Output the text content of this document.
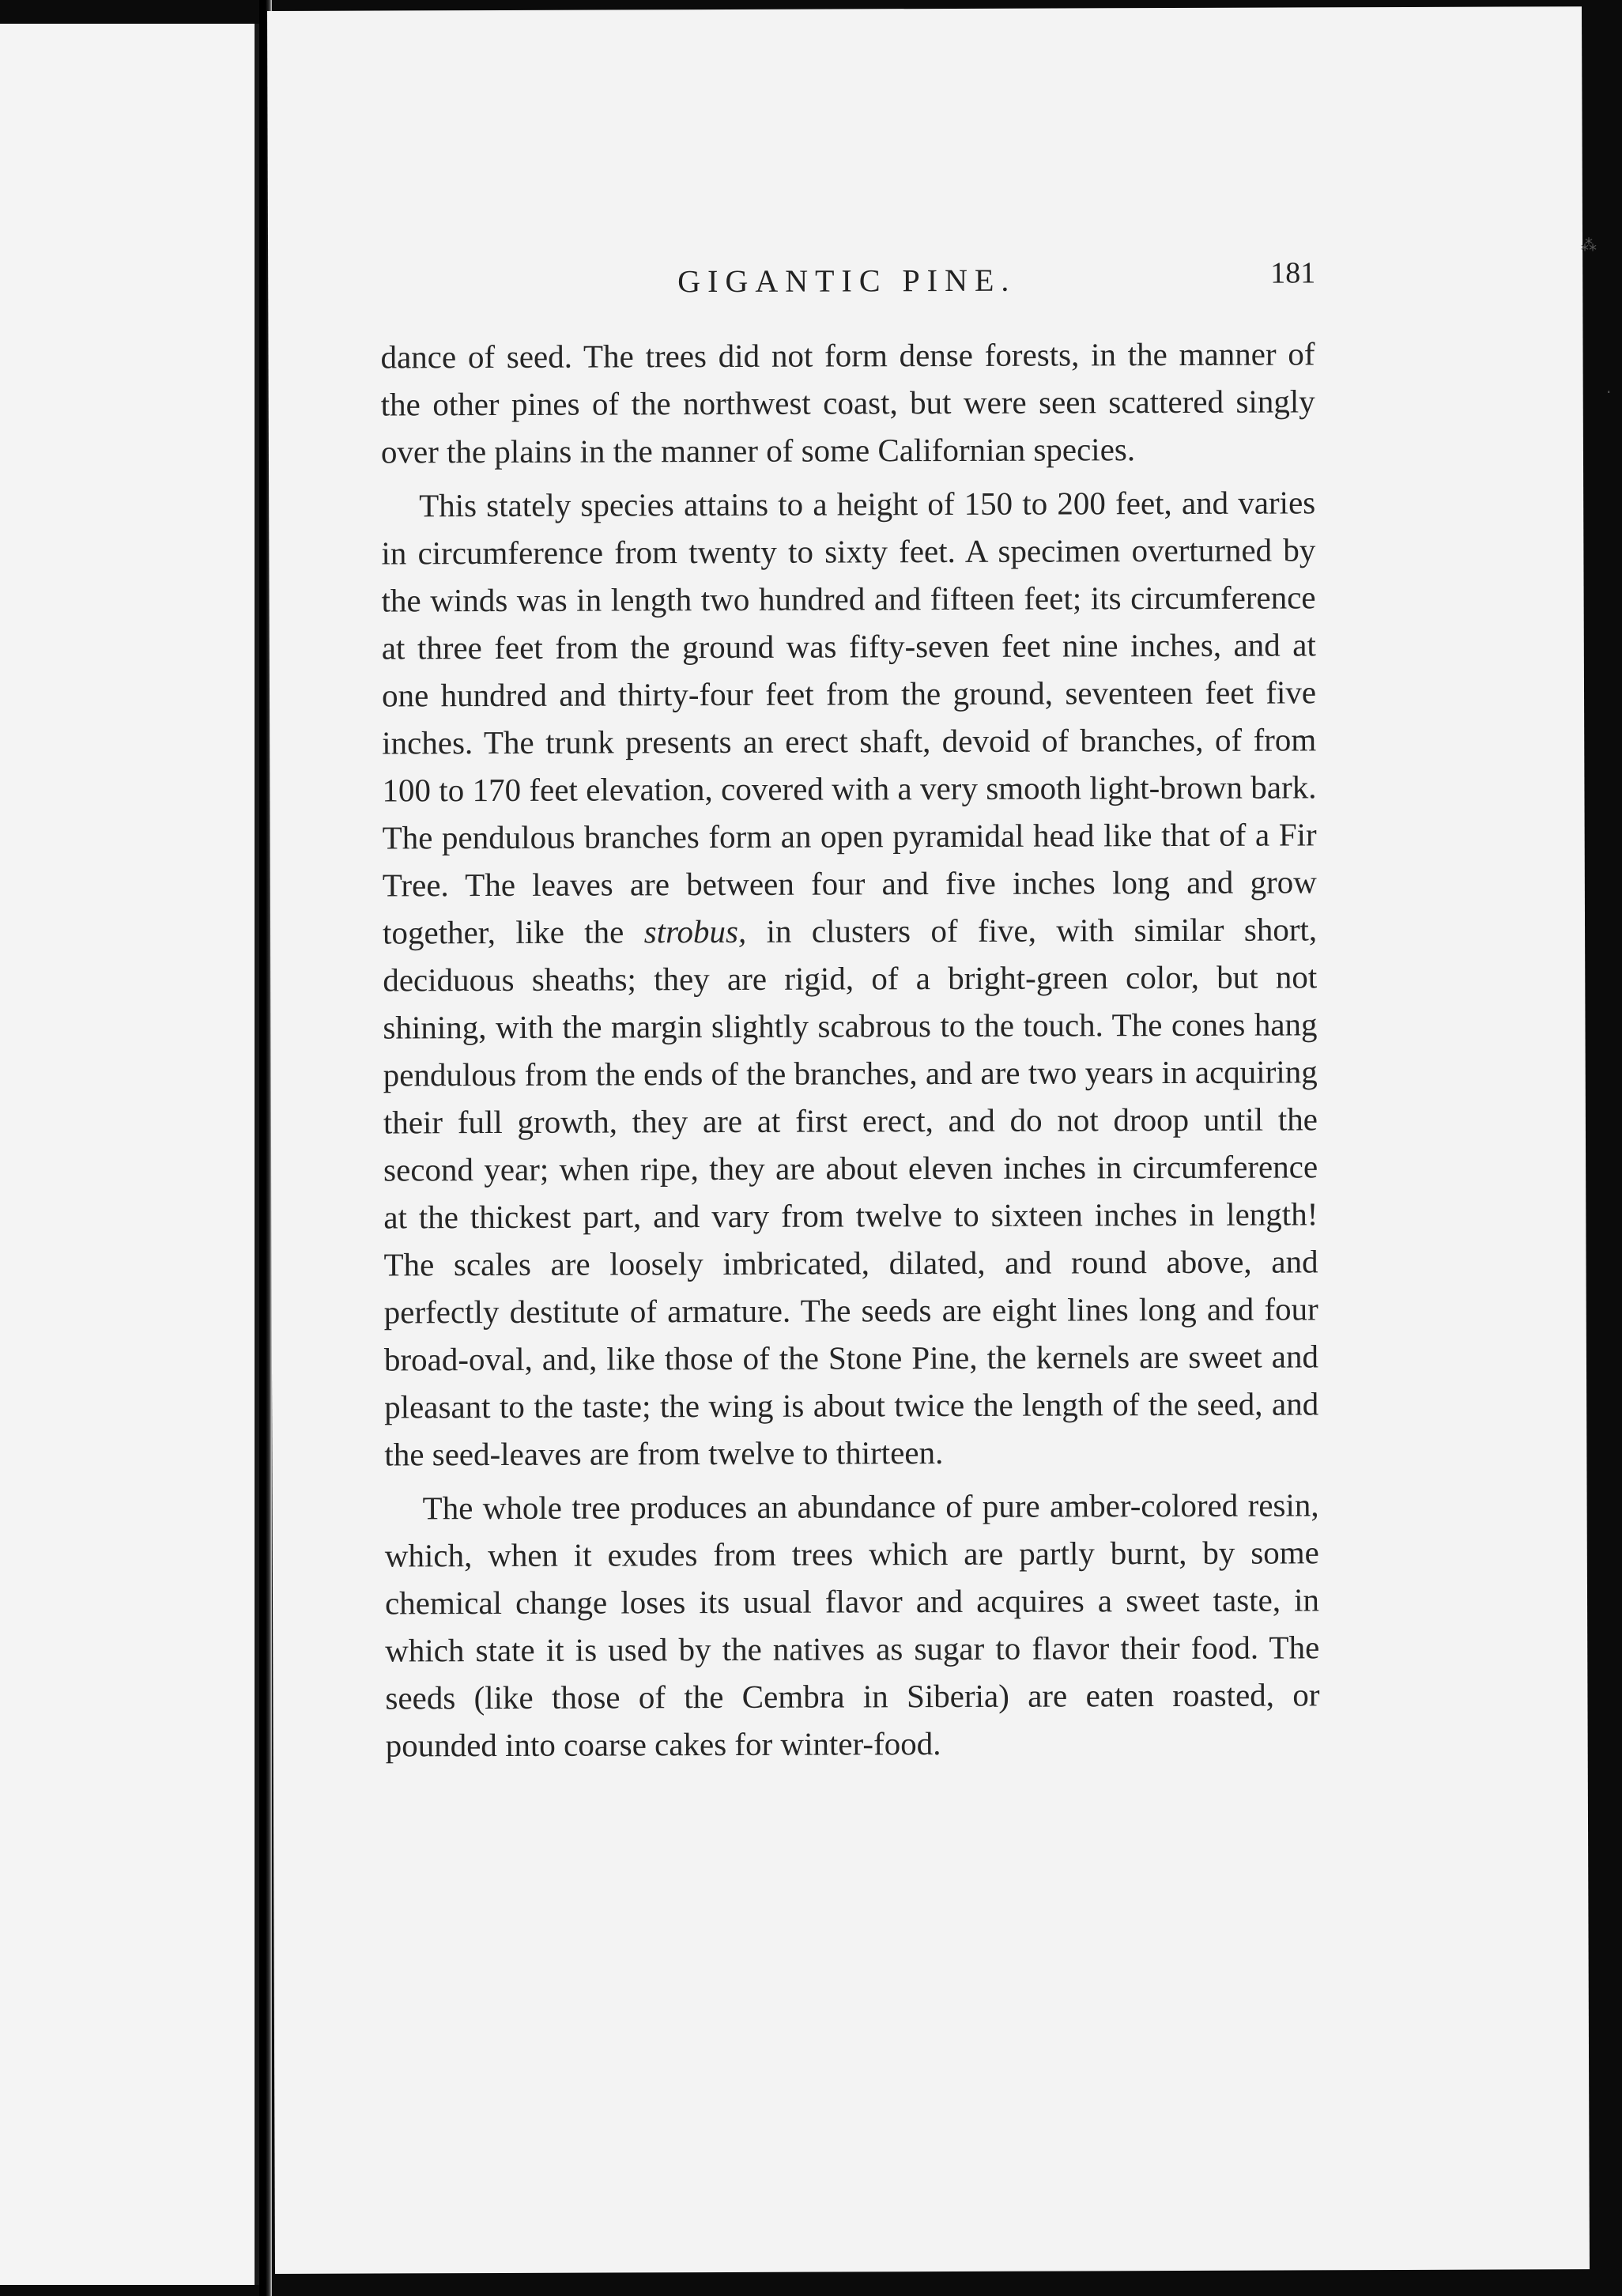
GIGANTIC PINE.	181

dance of seed. The trees did not form dense forests, in the manner of the other pines of the northwest coast, but were seen scattered singly over the plains in the manner of some Californian species.

This stately species attains to a height of 150 to 200 feet, and varies in circumference from twenty to sixty feet. A specimen overturned by the winds was in length two hundred and fifteen feet; its circumference at three feet from the ground was fifty-seven feet nine inches, and at one hundred and thirty-four feet from the ground, seventeen feet five inches. The trunk presents an erect shaft, devoid of branches, of from 100 to 170 feet elevation, covered with a very smooth light-brown bark. The pendulous branches form an open pyramidal head like that of a Fir Tree. The leaves are between four and five inches long and grow together, like the strobus, in clusters of five, with similar short, deciduous sheaths; they are rigid, of a bright-green color, but not shining, with the margin slightly scabrous to the touch. The cones hang pendulous from the ends of the branches, and are two years in acquiring their full growth, they are at first erect, and do not droop until the second year; when ripe, they are about eleven inches in circumference at the thickest part, and vary from twelve to sixteen inches in length! The scales are loosely imbricated, dilated, and round above, and perfectly destitute of armature. The seeds are eight lines long and four broad-oval, and, like those of the Stone Pine, the kernels are sweet and pleasant to the taste; the wing is about twice the length of the seed, and the seed-leaves are from twelve to thirteen.

The whole tree produces an abundance of pure amber-colored resin, which, when it exudes from trees which are partly burnt, by some chemical change loses its usual flavor and acquires a sweet taste, in which state it is used by the natives as sugar to flavor their food. The seeds (like those of the Cembra in Siberia) are eaten roasted, or pounded into coarse cakes for winter-food.

⁂
·
